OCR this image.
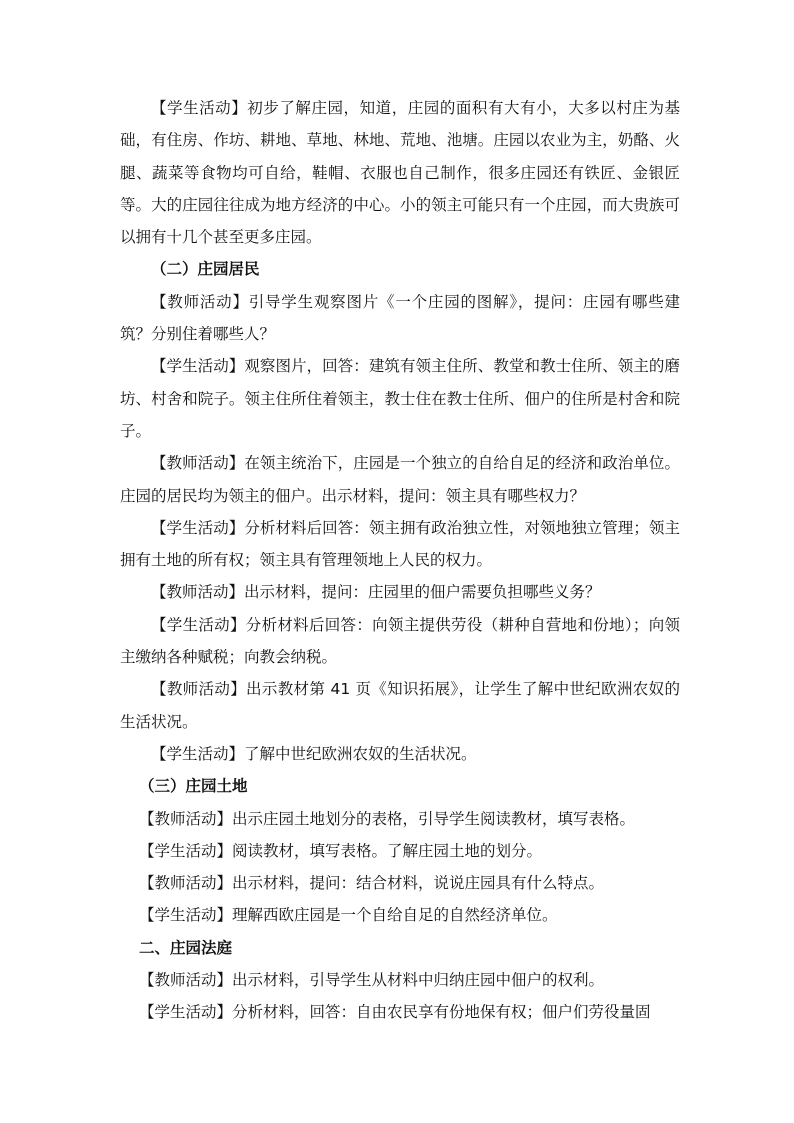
【学生活动】初步了解庄园，知道，庄园的面积有大有小，大多以村庄为基础，有住房、作坊、耕地、草地、林地、荒地、池塘。庄园以农业为主，奶酪、火腿、蔬菜等食物均可自给，鞋帽、衣服也自己制作，很多庄园还有铁匠、金银匠等。大的庄园往往成为地方经济的中心。小的领主可能只有一个庄园，而大贵族可以拥有十几个甚至更多庄园。

（二）庄园居民

【教师活动】引导学生观察图片《一个庄园的图解》，提问：庄园有哪些建筑？分别住着哪些人？

【学生活动】观察图片，回答：建筑有领主住所、教堂和教士住所、领主的磨坊、村舍和院子。领主住所住着领主，教士住在教士住所、佃户的住所是村舍和院子。

【教师活动】在领主统治下，庄园是一个独立的自给自足的经济和政治单位。庄园的居民均为领主的佃户。出示材料，提问：领主具有哪些权力？

【学生活动】分析材料后回答：领主拥有政治独立性，对领地独立管理；领主拥有土地的所有权；领主具有管理领地上人民的权力。

【教师活动】出示材料，提问：庄园里的佃户需要负担哪些义务？

【学生活动】分析材料后回答：向领主提供劳役（耕种自营地和份地）；向领主缴纳各种赋税；向教会纳税。

【教师活动】出示教材第 41 页《知识拓展》，让学生了解中世纪欧洲农奴的生活状况。

【学生活动】了解中世纪欧洲农奴的生活状况。

（三）庄园土地

【教师活动】出示庄园土地划分的表格，引导学生阅读教材，填写表格。

【学生活动】阅读教材，填写表格。了解庄园土地的划分。

【教师活动】出示材料，提问：结合材料，说说庄园具有什么特点。

【学生活动】理解西欧庄园是一个自给自足的自然经济单位。

二、庄园法庭

【教师活动】出示材料，引导学生从材料中归纳庄园中佃户的权利。

【学生活动】分析材料，回答：自由农民享有份地保有权；佃户们劳役量固
